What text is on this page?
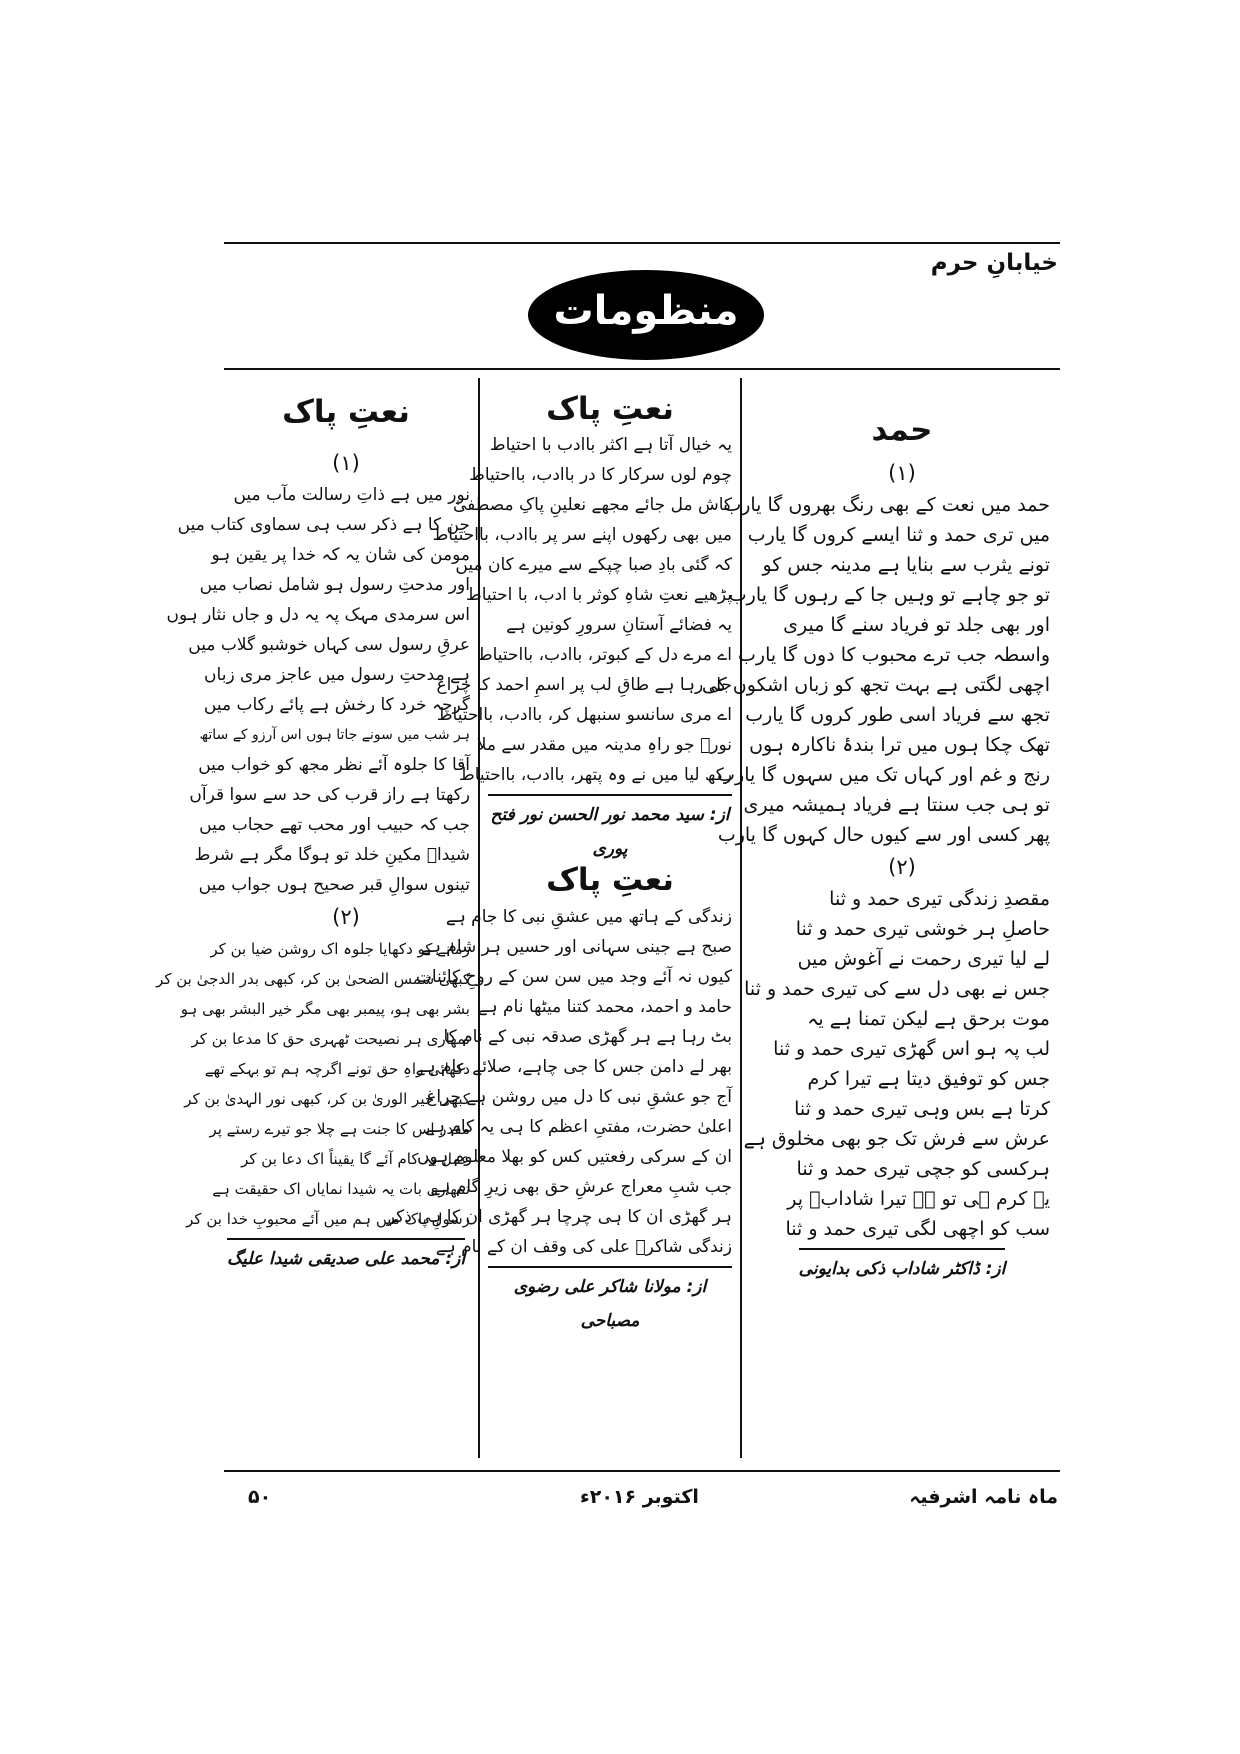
خیابانِ حرم
منظومات
حمد
(۱)
حمد میں نعت کے بھی رنگ بھروں گا یارب
میں تری حمد و ثنا ایسے کروں گا یارب
تونے یثرب سے بنایا ہے مدینہ جس کو
تو جو چاہے تو وہیں جا کے رہوں گا یارب
اور بھی جلد تو فریاد سنے گا میری
واسطہ جب ترے محبوب کا دوں گا یارب
اچھی لگتی ہے بہت تجھ کو زباں اشکوں کی
تجھ سے فریاد اسی طور کروں گا یارب
تھک چکا ہوں میں ترا بندۂ ناکارہ ہوں
رنج و غم اور کہاں تک میں سہوں گا یارب
تو ہی جب سنتا ہے فریاد ہمیشہ میری
پھر کسی اور سے کیوں حال کہوں گا یارب
(۲)
مقصدِ زندگی تیری حمد و ثنا
حاصلِ ہر خوشی تیری حمد و ثنا
لے لیا تیری رحمت نے آغوش میں
جس نے بھی دل سے کی تیری حمد و ثنا
موت برحق ہے لیکن تمنا ہے یہ
لب پہ ہو اس گھڑی تیری حمد و ثنا
جس کو توفیق دیتا ہے تیرا کرم
کرتا ہے بس وہی تیری حمد و ثنا
عرش سے فرش تک جو بھی مخلوق ہے
ہرکسی کو جچی تیری حمد و ثنا
یہ کرم ہی تو ہے تیرا شادابؔ پر
سب کو اچھی لگی تیری حمد و ثنا
از: ڈاکٹر شاداب ذکی بدایونی
نعتِ پاک
یہ خیال آتا ہے اکثر باادب با احتیاط
چوم لوں سرکار کا در باادب، بااحتیاط
کاش مل جائے مجھے نعلینِ پاکِ مصطفیٰ
میں بھی رکھوں اپنے سر پر باادب، بااحتیاط
کہ گئی بادِ صبا چپکے سے میرے کان میں
پڑھیے نعتِ شاہِ کوثر با ادب، با احتیاط
یہ فضائے آستانِ سرورِ کونین ہے
اے مرے دل کے کبوتر، باادب، بااحتیاط
جل رہا ہے طاقِ لب پر اسمِ احمد کا چراغ
اے مری سانسو سنبھل کر، باادب، بااحتیاط
نورؔ جو راہِ مدینہ میں مقدر سے ملا
رکھ لیا میں نے وہ پتھر، باادب، بااحتیاط
از: سید محمد نور الحسن نور فتح پوری
نعتِ پاک
زندگی کے ہاتھ میں عشقِ نبی کا جام ہے
صبح ہے جینی سہانی اور حسیں ہر شام ہے
کیوں نہ آئے وجد میں سن سن کے روحِ کائنات
حامد و احمد، محمد کتنا میٹھا نام ہے
بٹ رہا ہے ہر گھڑی صدقہ نبی کے نام کا
بھر لے دامن جس کا جی چاہے، صلائے عام ہے
آج جو عشقِ نبی کا دل میں روشن ہے چراغ
اعلیٰ حضرت، مفتیِ اعظم کا ہی یہ کام ہے
ان کے سرکی رفعتیں کس کو بھلا معلوم ہوں
جب شبِ معراج عرشِ حق بھی زیرِ گام ہے
ہر گھڑی ان کا ہی چرچا ہر گھڑی ان کا ہی ذکر
زندگی شاکرؔ علی کی وقف ان کے نام ہے
از: مولانا شاکر علی رضوی مصباحی
نعتِ پاک
(۱)
نور میں ہے ذاتِ رسالت مآب میں
جن کا ہے ذکر سب ہی سماوی کتاب میں
مومن کی شان یہ کہ خدا پر یقین ہو
اور مدحتِ رسول ہو شامل نصاب میں
اس سرمدی مہک پہ یہ دل و جاں نثار ہوں
عرقِ رسول سی کہاں خوشبو گلاب میں
ہے مدحتِ رسول میں عاجز مری زباں
گرچہ خرد کا رخش ہے پائے رکاب میں
ہر شب میں سونے جاتا ہوں اس آرزو کے ساتھ
آقا کا جلوہ آئے نظر مجھ کو خواب میں
رکھتا ہے راز قرب کی حد سے سوا قرآں
جب کہ حبیب اور محب تھے حجاب میں
شیداؔ مکینِ خلد تو ہوگا مگر ہے شرط
تینوں سوالِ قبر صحیح ہوں جواب میں
(۲)
زمانے کو دکھایا جلوہ اک روشن ضیا بن کر
کبھی شمس الضحیٰ بن کر، کبھی بدر الدجیٰ بن کر
بشر بھی ہو، پیمبر بھی مگر خیر البشر بھی ہو
تمھاری ہر نصیحت ٹھہری حق کا مدعا بن کر
دکھائی راہِ حق تونے اگرچہ ہم تو بہکے تھے
کبھی خیر الوریٰ بن کر، کبھی نور الہدیٰ بن کر
مقدر اس کا جنت ہے چلا جو تیرے رستے پر
عمل یہ کام آئے گا یقیناً اک دعا بن کر
تمھاری بات یہ شیدا نمایاں اک حقیقت ہے
رسولِ پاک میں ہم میں آئے محبوبِ خدا بن کر
از: محمد علی صدیقی شیدا علیگ
ماہ نامہ اشرفیہ
اکتوبر ۲۰۱۶ء
۵۰
